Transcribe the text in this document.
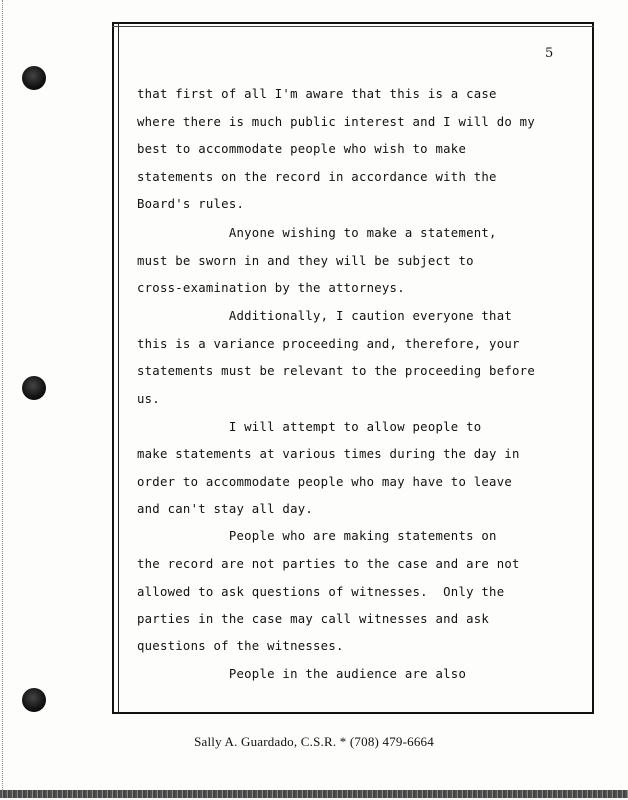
5
that first of all I'm aware that this is a case
where there is much public interest and I will do my
best to accommodate people who wish to make
statements on the record in accordance with the
Board's rules.
Anyone wishing to make a statement,
must be sworn in and they will be subject to
cross-examination by the attorneys.
Additionally, I caution everyone that
this is a variance proceeding and, therefore, your
statements must be relevant to the proceeding before
us.
I will attempt to allow people to
make statements at various times during the day in
order to accommodate people who may have to leave
and can't stay all day.
People who are making statements on
the record are not parties to the case and are not
allowed to ask questions of witnesses.  Only the
parties in the case may call witnesses and ask
questions of the witnesses.
People in the audience are also
Sally A. Guardado, C.S.R. * (708) 479-6664
